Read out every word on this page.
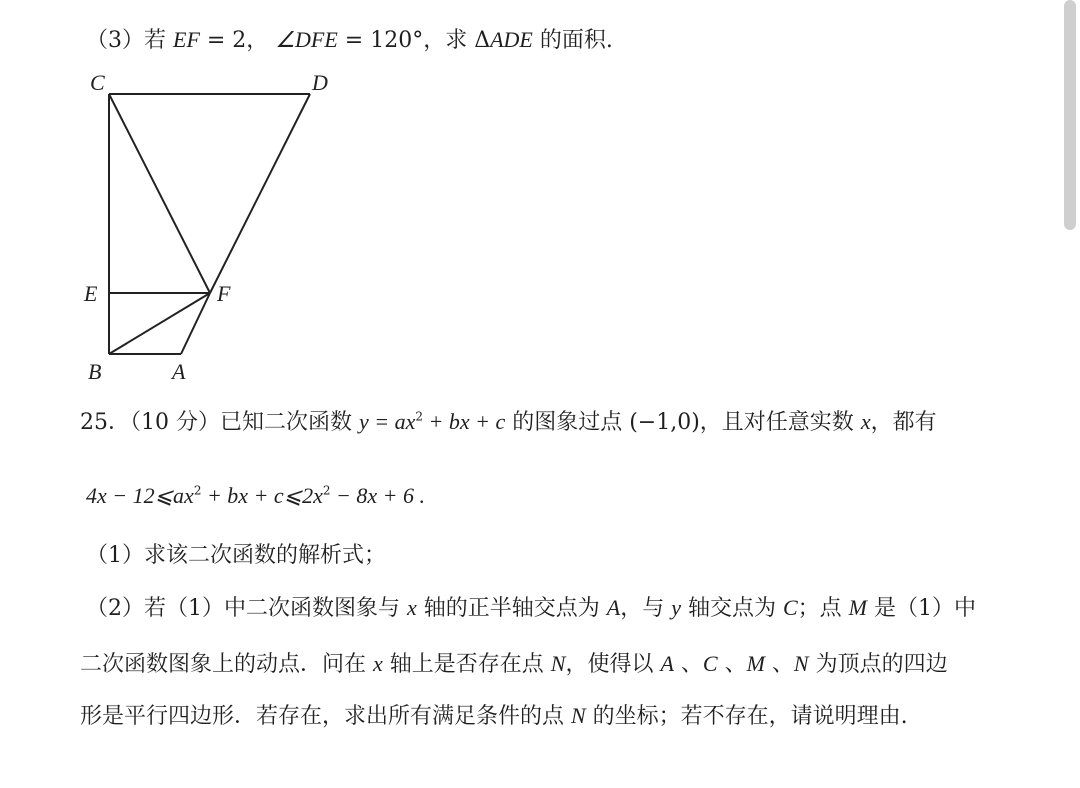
（3）若 EF = 2， ∠DFE = 120°，求 ΔADE 的面积.
C	D
E	F
B	A
25．（10 分）已知二次函数 $y = ax^2$ + bx + c 的图象过点 (−1,0)，且对任意实数 x，都有
$4x - 12⩽ax^2$ + bx + $c⩽2x^2 - 8x + 6$ .
（1）求该二次函数的解析式；
（2）若（1）中二次函数图象与 x 轴的正半轴交点为 A，与 y 轴交点为 C；点 M 是（1）中
二次函数图象上的动点．问在 x 轴上是否存在点 N，使得以 A 、C 、M 、N 为顶点的四边
形是平行四边形．若存在，求出所有满足条件的点 N 的坐标；若不存在，请说明理由.
